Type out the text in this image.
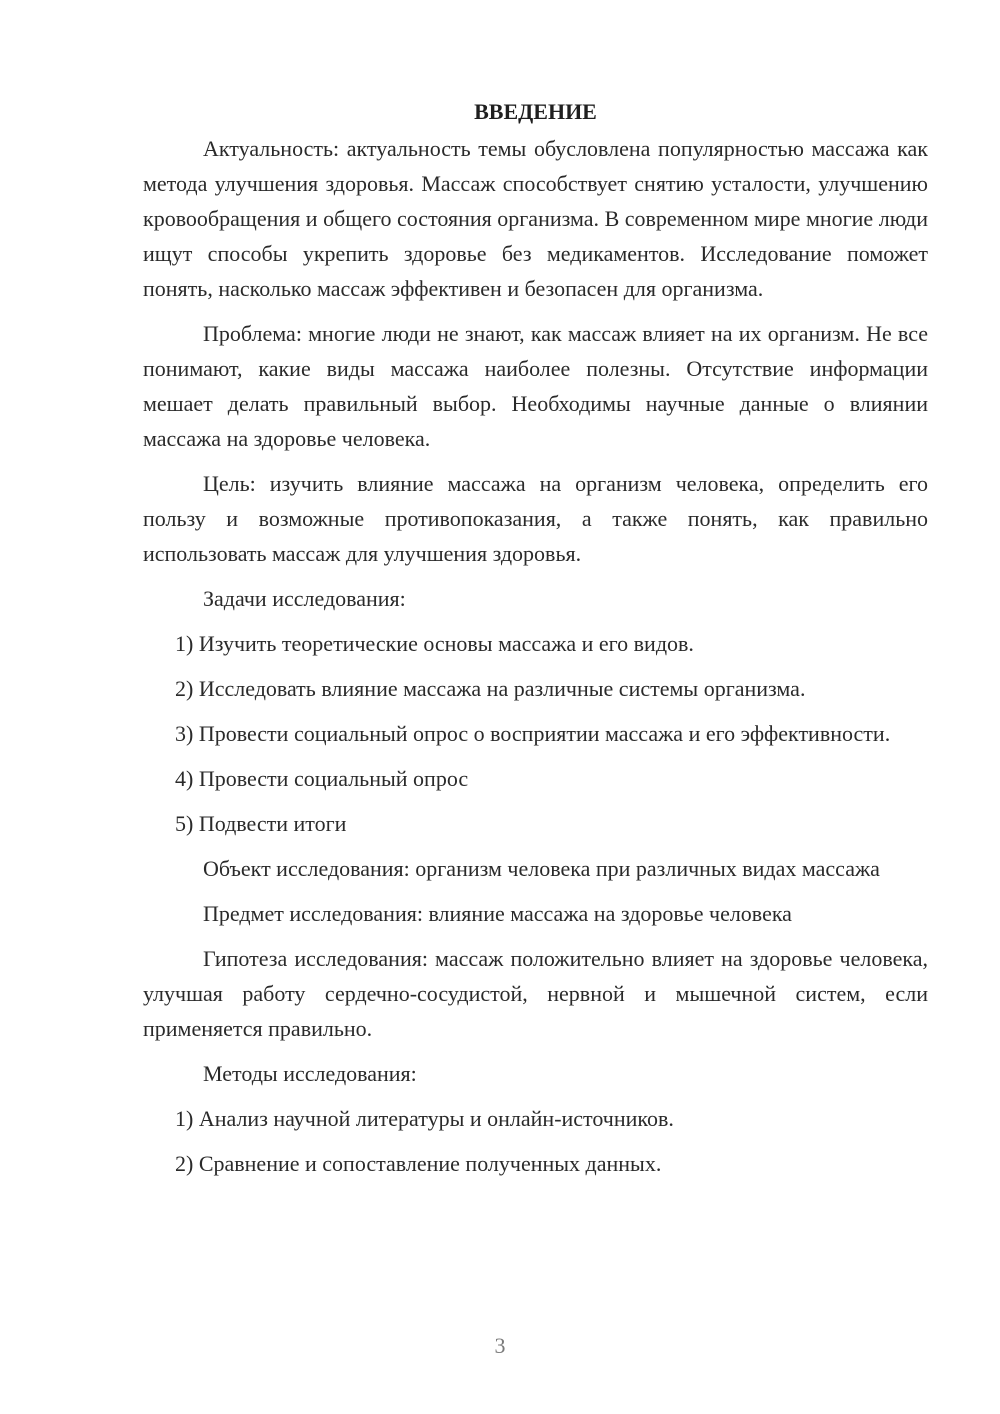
ВВЕДЕНИЕ

Актуальность: актуальность темы обусловлена популярностью массажа как метода улучшения здоровья. Массаж способствует снятию усталости, улучшению кровообращения и общего состояния организма. В современном мире многие люди ищут способы укрепить здоровье без медикаментов. Исследование поможет понять, насколько массаж эффективен и безопасен для организма.

Проблема: многие люди не знают, как массаж влияет на их организм. Не все понимают, какие виды массажа наиболее полезны. Отсутствие информации мешает делать правильный выбор. Необходимы научные данные о влиянии массажа на здоровье человека.

Цель: изучить влияние массажа на организм человека, определить его пользу и возможные противопоказания, а также понять, как правильно использовать массаж для улучшения здоровья.

Задачи исследования:

1) Изучить теоретические основы массажа и его видов.

2) Исследовать влияние массажа на различные системы организма.

3) Провести социальный опрос о восприятии массажа и его эффективности.

4) Провести социальный опрос

5) Подвести итоги

Объект исследования: организм человека при различных видах массажа

Предмет исследования: влияние массажа на здоровье человека

Гипотеза исследования: массаж положительно влияет на здоровье человека, улучшая работу сердечно-сосудистой, нервной и мышечной систем, если применяется правильно.

Методы исследования:

1) Анализ научной литературы и онлайн-источников.

2) Сравнение и сопоставление полученных данных.

3
